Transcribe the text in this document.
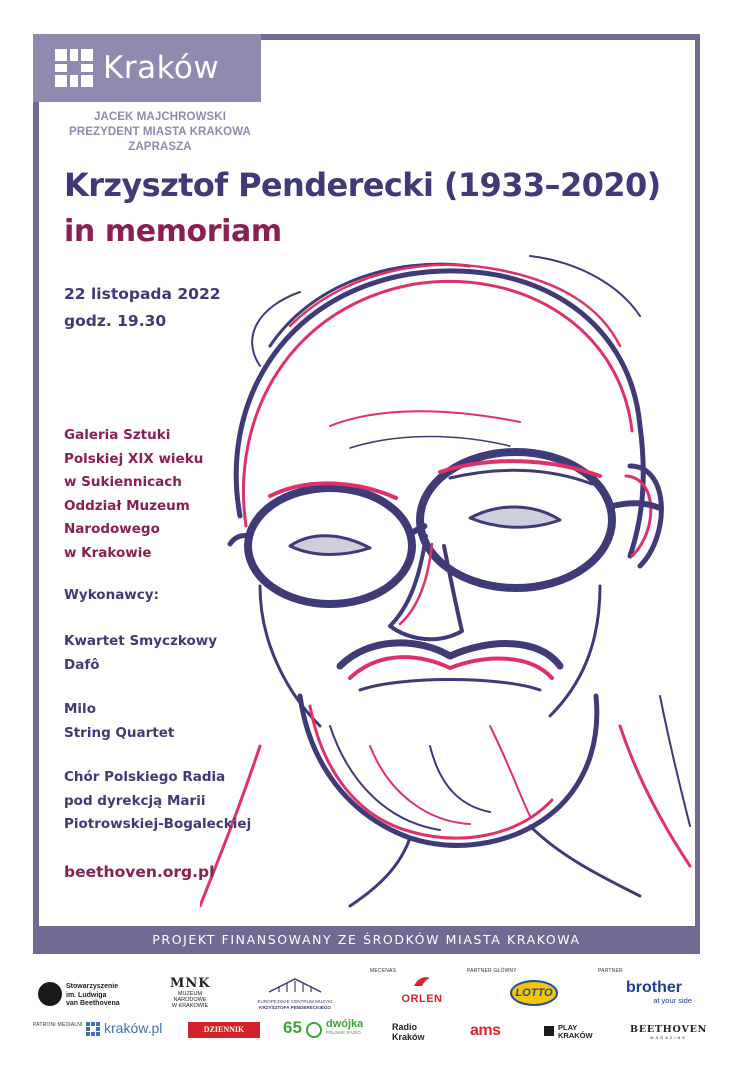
Kraków
JACEK MAJCHROWSKI
PREZYDENT MIASTA KRAKOWA
ZAPRASZA
Krzysztof Penderecki (1933–2020)
in memoriam
22 listopada 2022
godz. 19.30
Galeria Sztuki
Polskiej XIX wieku
w Sukiennicach
Oddział Muzeum
Narodowego
w Krakowie
Wykonawcy:
Kwartet Smyczkowy
Dafô
Milo
String Quartet
Chór Polskiego Radia
pod dyrekcją Marii
Piotrowskiej-Bogaleckiej
beethoven.org.pl
PROJEKT FINANSOWANY ZE ŚRODKÓW MIASTA KRAKOWA
Stowarzyszenie
im. Ludwiga
van Beethovena
MNK
MUZEUM
NARODOWE
W KRAKOWIE
EUROPEJSKIE CENTRUM MUZYKI
KRZYSZTOFA PENDERECKIEGO
MECENAS
ORLEN
PARTNER GŁÓWNY
LOTTO
PARTNER
brother
at your side
PATRONI MEDIALNI kraków.pl	DZIENNIK POLSKI
65 dwójka
POLSKIE RADIO
Radio
Kraków	ams	PLAY
KRAKÓW
BEETHOVEN
MAGAZINE
